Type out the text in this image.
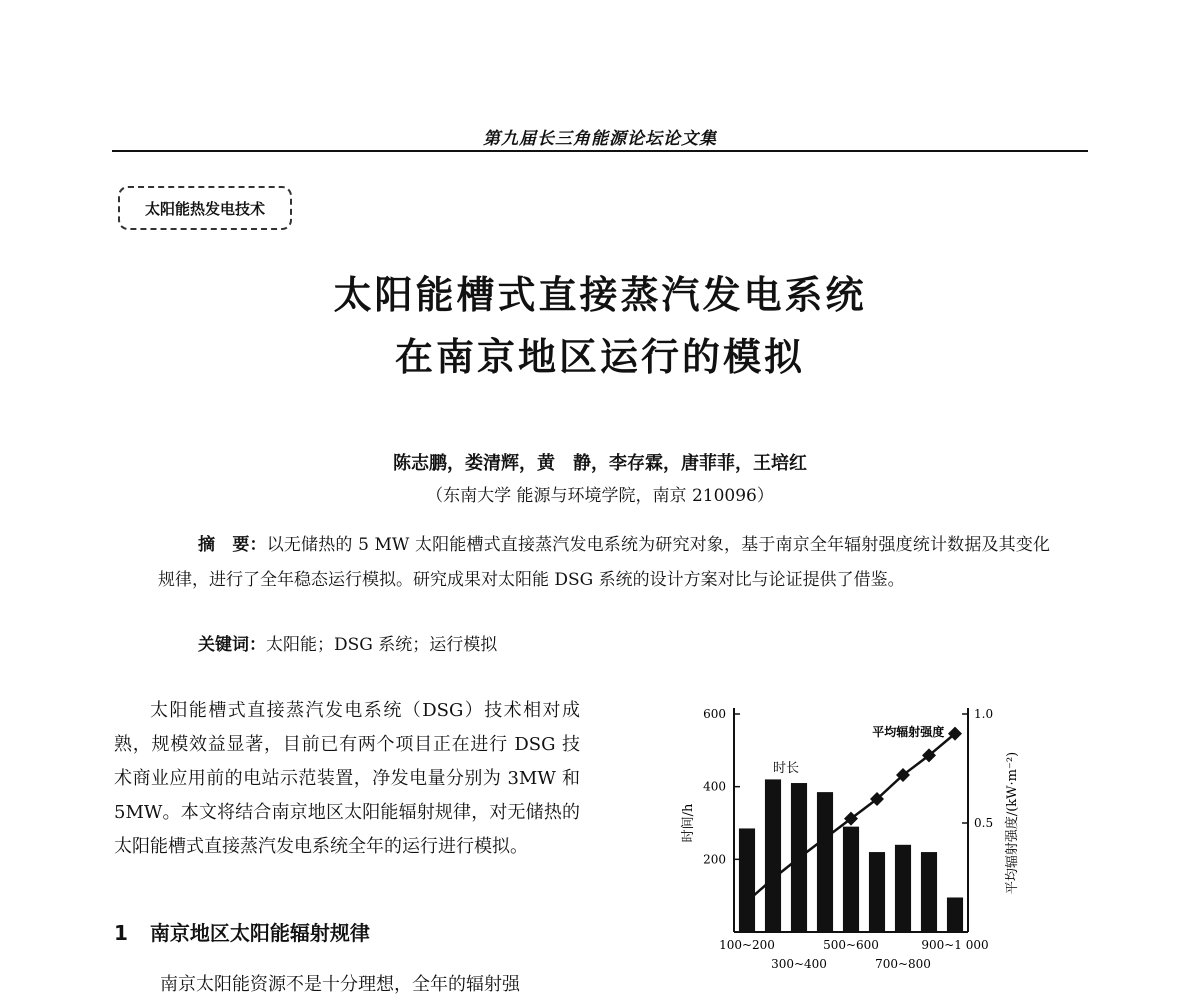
第九届长三角能源论坛论文集
太阳能热发电技术
太阳能槽式直接蒸汽发电系统
在南京地区运行的模拟
陈志鹏，娄清辉，黄　静，李存霖，唐菲菲，王培红
（东南大学 能源与环境学院，南京 210096）
摘　要：以无储热的 5 MW 太阳能槽式直接蒸汽发电系统为研究对象，基于南京全年辐射强度统计数据及其变化规律，进行了全年稳态运行模拟。研究成果对太阳能 DSG 系统的设计方案对比与论证提供了借鉴。
关键词：太阳能；DSG 系统；运行模拟
太阳能槽式直接蒸汽发电系统（DSG）技术相对成熟，规模效益显著，目前已有两个项目正在进行 DSG 技术商业应用前的电站示范装置，净发电量分别为 3MW 和 5MW。本文将结合南京地区太阳能辐射规律，对无储热的太阳能槽式直接蒸汽发电系统全年的运行进行模拟。
1 南京地区太阳能辐射规律
南京太阳能资源不是十分理想，全年的辐射强
200
400
600
0.5
1.0
100~200	500~600	900~1 000
300~400	700~800
时长
平均辐射强度
时间/h	平均辐射强度/(kW·m⁻²)
